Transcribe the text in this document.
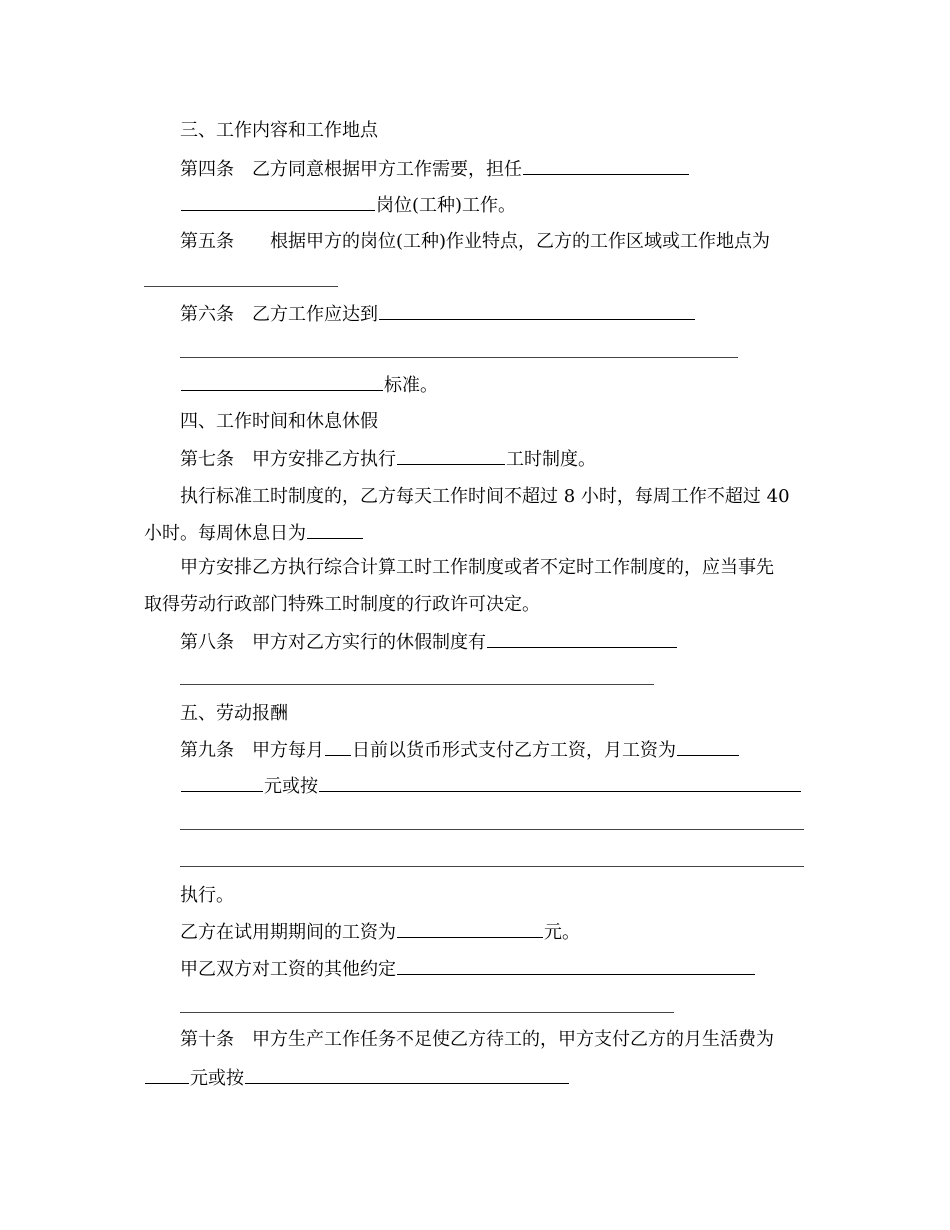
三、工作内容和工作地点
第四条　乙方同意根据甲方工作需要，担任
岗位(工种)工作。
第五条　　根据甲方的岗位(工种)作业特点，乙方的工作区域或工作地点为
第六条　乙方工作应达到
标准。
四、工作时间和休息休假
第七条　甲方安排乙方执行	工时制度。
执行标准工时制度的，乙方每天工作时间不超过 8 小时，每周工作不超过 40
小时。每周休息日为
甲方安排乙方执行综合计算工时工作制度或者不定时工作制度的，应当事先
取得劳动行政部门特殊工时制度的行政许可决定。
第八条　甲方对乙方实行的休假制度有
五、劳动报酬
第九条　甲方每月 日前以货币形式支付乙方工资，月工资为
元或按
执行。
乙方在试用期期间的工资为	元。
甲乙双方对工资的其他约定
第十条　甲方生产工作任务不足使乙方待工的，甲方支付乙方的月生活费为
元或按
